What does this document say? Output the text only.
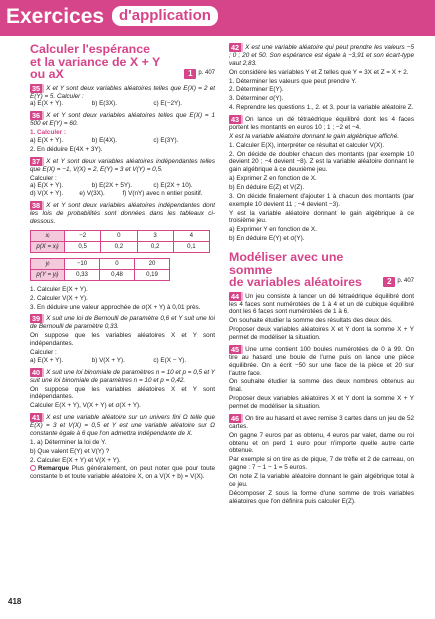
Exercices d'application
Calculer l'espérance
et la variance de X + Y
ou aX	1 p. 407
35 X et Y sont deux variables aléatoires telles que E(X) = 2 et E(Y) = 5. Calculer :
a) E(X + Y).	b) E(3X).	c) E(−2Y).
36 X et Y sont deux variables aléatoires telles que E(X) = 1 500 et E(Y) = 60.
1. Calculer :
a) E(X + Y).	b) E(4X).	c) E(3Y).
2. En déduire E(4X + 3Y).
37 X et Y sont deux variables aléatoires indépendantes telles que E(X) = −1, V(X) = 2, E(Y) = 3 et V(Y) = 0,5.
Calculer :
a) E(X + Y).	b) E(2X + 5Y).	c) E(2X + 10).
d) V(X + Y).	e) V(3X).	f) V(nY) avec n entier positif.
38 X et Y sont deux variables aléatoires indépendantes dont les lois de probabilités sont données dans les tableaux ci-dessous.
xᵢ	−2	0	3	4
p(X = xᵢ)	0,5	0,2	0,2	0,1
yᵢ	−10	0	20
p(Y = yᵢ)	0,33	0,48	0,19
1. Calculer E(X + Y).
2. Calculer V(X + Y).
3. En déduire une valeur approchée de σ(X + Y) à 0,01 près.
39 X suit une loi de Bernoulli de paramètre 0,6 et Y suit une loi de Bernoulli de paramètre 0,33.
On suppose que les variables aléatoires X et Y sont indépendantes.
Calculer :
a) E(X + Y).	b) V(X + Y).	c) E(X − Y).
40 X suit une loi binomiale de paramètres n = 10 et p = 0,5 et Y suit une loi binomiale de paramètres n = 10 et p = 0,42.
On suppose que les variables aléatoires X et Y sont indépendantes.
Calculer E(X + Y), V(X + Y) et σ(X + Y).
41 X est une variable aléatoire sur un univers fini Ω telle que E(X) = 3 et V(X) = 0,5 et Y est une variable aléatoire sur Ω constante égale à 6 que l'on admettra indépendante de X.
1. a) Déterminer la loi de Y.
b) Que valent E(Y) et V(Y) ?
2. Calculer E(X + Y) et V(X + Y).
Remarque Plus généralement, on peut noter que pour toute constante b et toute variable aléatoire X, on a V(X + b) = V(X).
42 X est une variable aléatoire qui peut prendre les valeurs −5 ; 0 ; 20 et 50. Son espérance est égale à −3,91 et son écart-type vaut 2,83.
On considère les variables Y et Z telles que Y = 3X et Z = X + 2.
1. Déterminer les valeurs que peut prendre Y.
2. Déterminer E(Y).
3. Déterminer σ(Y).
4. Reprendre les questions 1., 2. et 3. pour la variable aléatoire Z.
43 On lance un dé tétraédrique équilibré dont les 4 faces portent les montants en euros 10 ; 1 ; −2 et −4.
X est la variable aléatoire donnant le gain algébrique affiché.
1. Calculer E(X), interpréter ce résultat et calculer V(X).
2. On décide de doubler chacun des montants (par exemple 10 devient 20 ; −4 devient −8). Z est la variable aléatoire donnant le gain algébrique à ce deuxième jeu.
a) Exprimer Z en fonction de X.
b) En déduire E(Z) et V(Z).
3. On décide finalement d'ajouter 1 à chacun des montants (par exemple 10 devient 11 ; −4 devient −3).
Y est la variable aléatoire donnant le gain algébrique à ce troisième jeu.
a) Exprimer Y en fonction de X.
b) En déduire E(Y) et σ(Y).
Modéliser avec une somme
de variables aléatoires	2 p. 407
44 Un jeu consiste à lancer un dé tétraédrique équilibré dont les 4 faces sont numérotées de 1 à 4 et un dé cubique équilibré dont les 6 faces sont numérotées de 1 à 6.
On souhaite étudier la somme des résultats des deux dés.
Proposer deux variables aléatoires X et Y dont la somme X + Y permet de modéliser la situation.
45 Une urne contient 100 boules numérotées de 0 à 99. On tire au hasard une boule de l'urne puis on lance une pièce équilibrée. On a écrit −50 sur une face de la pièce et 20 sur l'autre face.
On souhaite étudier la somme des deux nombres obtenus au final.
Proposer deux variables aléatoires X et Y dont la somme X + Y permet de modéliser la situation.
46 On tire au hasard et avec remise 3 cartes dans un jeu de 52 cartes.
On gagne 7 euros par as obtenu, 4 euros par valet, dame ou roi obtenu et on perd 1 euro pour n'importe quelle autre carte obtenue.
Par exemple si on tire as de pique, 7 de trèfle et 2 de carreau, on gagne : 7 − 1 − 1 = 5 euros.
On note Z la variable aléatoire donnant le gain algébrique total à ce jeu.
Décomposer Z sous la forme d'une somme de trois variables aléatoires que l'on définira puis calculer E(Z).
418
